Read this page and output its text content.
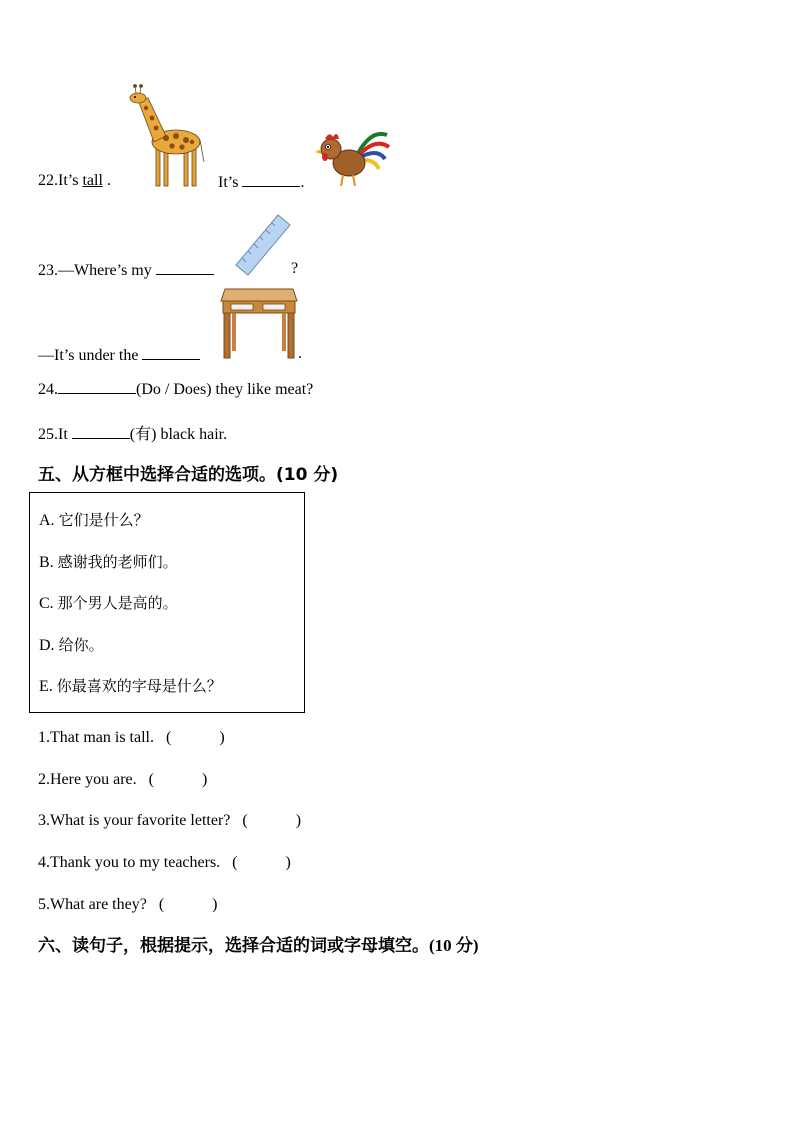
22.It’s tall .	It’s	.
23.—Where’s my	?
—It’s under the	.
24.	(Do / Does) they like meat?
25.It	(有) black hair.
五、从方框中选择合适的选项。(10 分)
A. 它们是什么？
B. 感谢我的老师们。
C. 那个男人是高的。
D. 给你。
E. 你最喜欢的字母是什么？
1.That man is tall. (　　　)
2.Here you are. (　　　)
3.What is your favorite letter? (　　　)
4.Thank you to my teachers. (　　　)
5.What are they? (　　　)
六、读句子，根据提示，选择合适的词或字母填空。(10 分)
